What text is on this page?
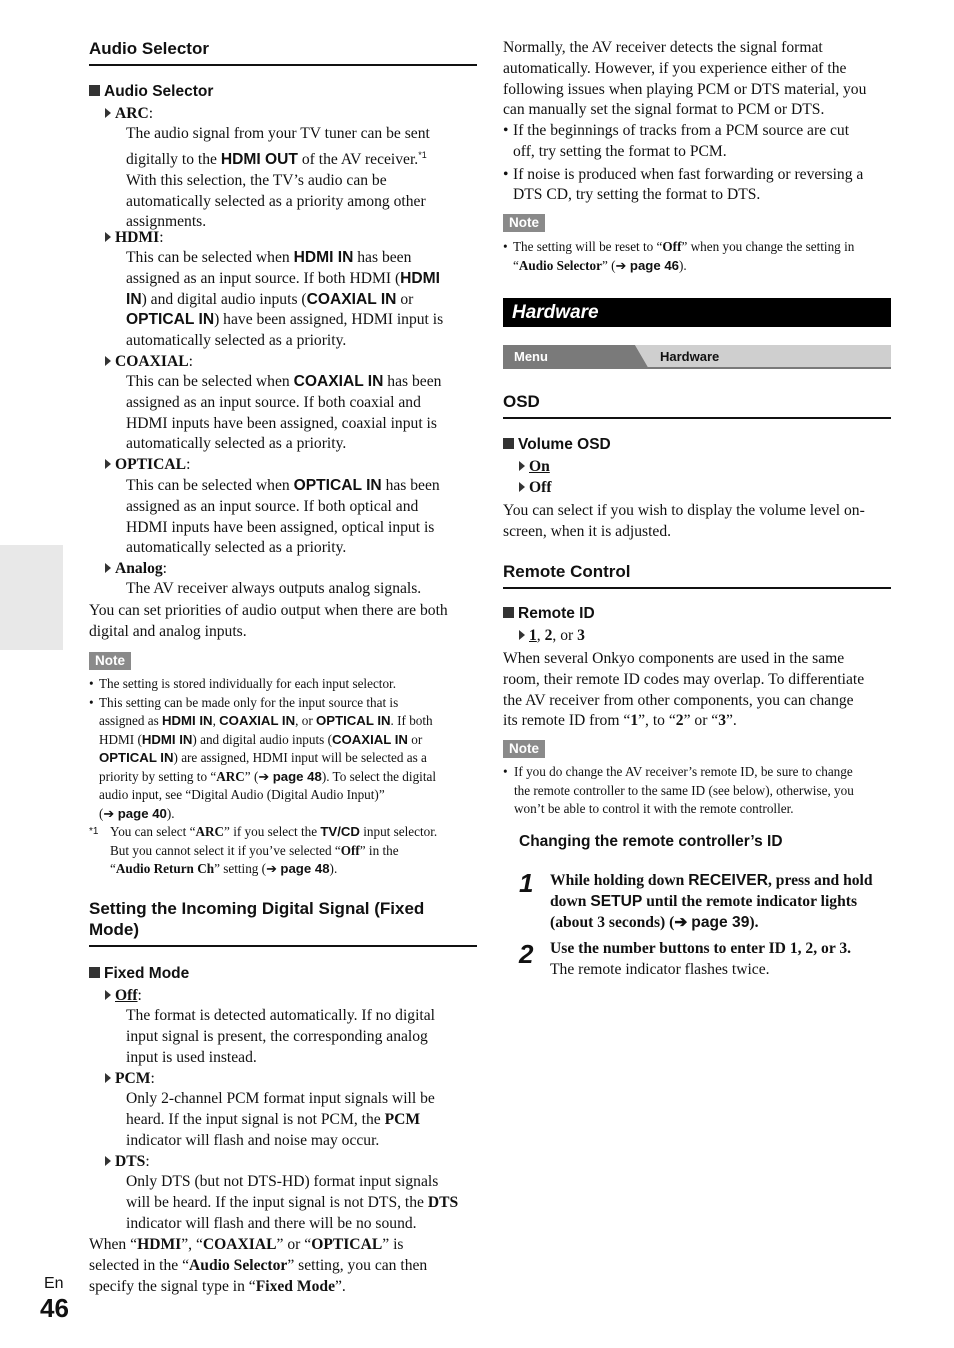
Audio Selector
Audio Selector
ARC:
The audio signal from your TV tuner can be sent
digitally to the HDMI OUT of the AV receiver.$^{*1}$
With this selection, the TV’s audio can be
automatically selected as a priority among other
assignments.
HDMI:
This can be selected when HDMI IN has been
assigned as an input source. If both HDMI (HDMI
IN) and digital audio inputs (COAXIAL IN or
OPTICAL IN) have been assigned, HDMI input is
automatically selected as a priority.
COAXIAL:
This can be selected when COAXIAL IN has been
assigned as an input source. If both coaxial and
HDMI inputs have been assigned, coaxial input is
automatically selected as a priority.
OPTICAL:
This can be selected when OPTICAL IN has been
assigned as an input source. If both optical and
HDMI inputs have been assigned, optical input is
automatically selected as a priority.
Analog:
The AV receiver always outputs analog signals.
You can set priorities of audio output when there are both
digital and analog inputs.
Note
• The setting is stored individually for each input selector.
• This setting can be made only for the input source that is
assigned as HDMI IN, COAXIAL IN, or OPTICAL IN. If both
HDMI (HDMI IN) and digital audio inputs (COAXIAL IN or
OPTICAL IN) are assigned, HDMI input will be selected as a
priority by setting to “ARC” (➔ page 48). To select the digital
audio input, see “Digital Audio (Digital Audio Input)”
(➔ page 40).
*1 You can select “ARC” if you select the TV/CD input selector.
But you cannot select it if you’ve selected “Off” in the
“Audio Return Ch” setting (➔ page 48).
Setting the Incoming Digital Signal (Fixed
Mode)
Fixed Mode
Off:
The format is detected automatically. If no digital
input signal is present, the corresponding analog
input is used instead.
PCM:
Only 2-channel PCM format input signals will be
heard. If the input signal is not PCM, the PCM
indicator will flash and noise may occur.
DTS:
Only DTS (but not DTS-HD) format input signals
will be heard. If the input signal is not DTS, the DTS
indicator will flash and there will be no sound.
When “HDMI”, “COAXIAL” or “OPTICAL” is
selected in the “Audio Selector” setting, you can then
specify the signal type in “Fixed Mode”.
En
46
Normally, the AV receiver detects the signal format
automatically. However, if you experience either of the
following issues when playing PCM or DTS material, you
can manually set the signal format to PCM or DTS.
• If the beginnings of tracks from a PCM source are cut
off, try setting the format to PCM.
• If noise is produced when fast forwarding or reversing a
DTS CD, try setting the format to DTS.
Note
• The setting will be reset to “Off” when you change the setting in
“Audio Selector” (➔ page 46).
Hardware
Menu	Hardware
OSD
Volume OSD
On
Off
You can select if you wish to display the volume level on-
screen, when it is adjusted.
Remote Control
Remote ID
1, 2, or 3
When several Onkyo components are used in the same
room, their remote ID codes may overlap. To differentiate
the AV receiver from other components, you can change
its remote ID from “1”, to “2” or “3”.
Note
• If you do change the AV receiver’s remote ID, be sure to change
the remote controller to the same ID (see below), otherwise, you
won’t be able to control it with the remote controller.
Changing the remote controller’s ID
1 While holding down RECEIVER, press and hold
down SETUP until the remote indicator lights
(about 3 seconds) (➔ page 39).
2 Use the number buttons to enter ID 1, 2, or 3.
The remote indicator flashes twice.
